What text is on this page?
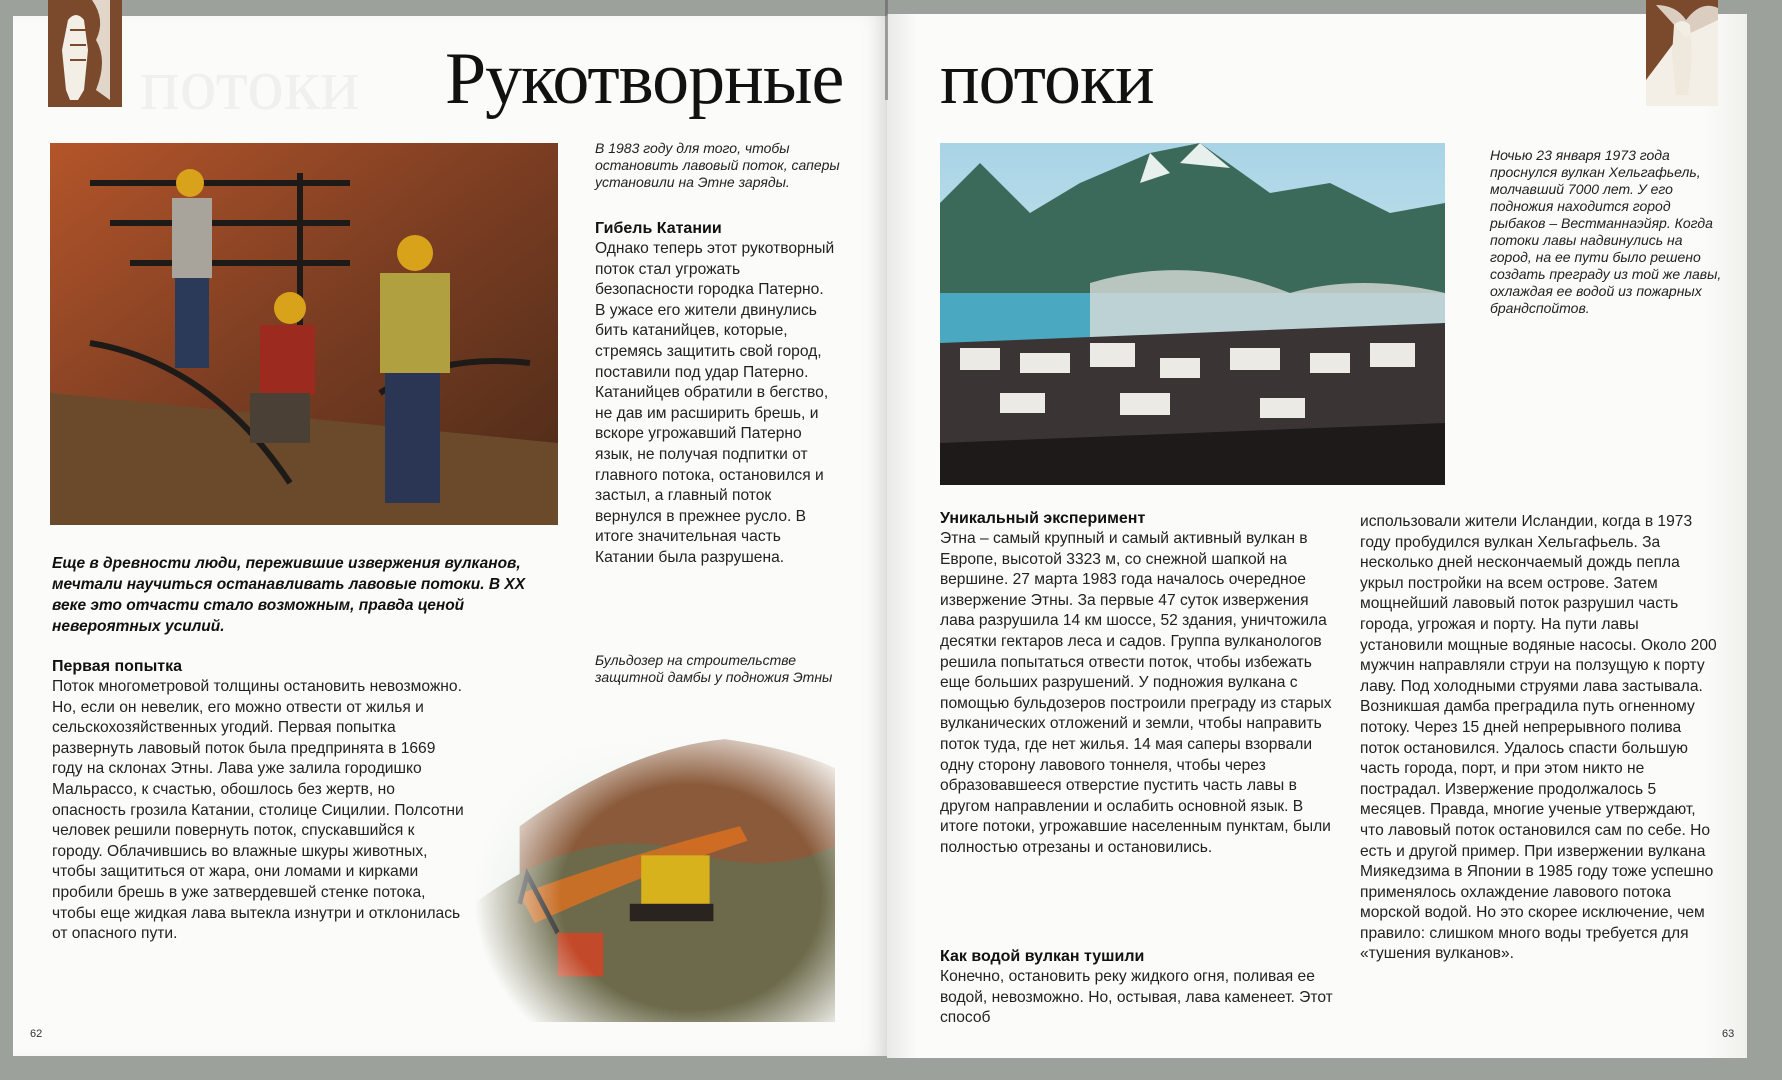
потоки Рукотворные потоки
В 1983 году для того, чтобы остановить лавовый поток, саперы установили на Этне заряды.
Гибель Катании

Однако теперь этот рукотворный поток стал угрожать безопасности городка Патерно. В ужасе его жители двинулись бить катанийцев, которые, стремясь защитить свой город, поставили под удар Патерно. Катанийцев обратили в бегство, не дав им расширить брешь, и вскоре угрожавший Патерно язык, не получая подпитки от главного потока, остановился и застыл, а главный поток вернулся в прежнее русло. В итоге значительная часть Катании была разрушена.

Еще в древности люди, пережившие извержения вулканов, мечтали научиться останавливать лавовые потоки. В XX веке это отчасти стало возможным, правда ценой невероятных усилий.
Первая попытка

Поток многометровой толщины остановить невозможно. Но, если он невелик, его можно отвести от жилья и сельскохозяйственных угодий. Первая попытка развернуть лавовый поток была предпринята в 1669 году на склонах Этны. Лава уже залила городишко Мальрассо, к счастью, обошлось без жертв, но опасность грозила Катании, столице Сицилии. Полсотни человек решили повернуть поток, спускавшийся к городу. Облачившись во влажные шкуры животных, чтобы защититься от жара, они ломами и кирками пробили брешь в уже затвердевшей стенке потока, чтобы еще жидкая лава вытекла изнутри и отклонилась от опасного пути.

Бульдозер на строительстве защитной дамбы у подножия Этны
Ночью 23 января 1973 года проснулся вулкан Хельгафьель, молчавший 7000 лет. У его подножия находится город рыбаков – Вестманнаэйяр. Когда потоки лавы надвинулись на город, на ее пути было решено создать преграду из той же лавы, охлаждая ее водой из пожарных брандспойтов.
Уникальный эксперимент

Этна – самый крупный и самый активный вулкан в Европе, высотой 3323 м, со снежной шапкой на вершине. 27 марта 1983 года началось очередное извержение Этны. За первые 47 суток извержения лава разрушила 14 км шоссе, 52 здания, уничтожила десятки гектаров леса и садов. Группа вулканологов решила попытаться отвести поток, чтобы избежать еще больших разрушений. У подножия вулкана с помощью бульдозеров построили преграду из старых вулканических отложений и земли, чтобы направить поток туда, где нет жилья. 14 мая саперы взорвали одну сторону лавового тоннеля, чтобы через образовавшееся отверстие пустить часть лавы в другом направлении и ослабить основной язык. В итоге потоки, угрожавшие населенным пунктам, были полностью отрезаны и остановились.

Как водой вулкан тушили

Конечно, остановить реку жидкого огня, поливая ее водой, невозможно. Но, остывая, лава каменеет. Этот способ

использовали жители Исландии, когда в 1973 году пробудился вулкан Хельгафьель. За несколько дней нескончаемый дождь пепла укрыл постройки на всем острове. Затем мощнейший лавовый поток разрушил часть города, угрожая и порту. На пути лавы установили мощные водяные насосы. Около 200 мужчин направляли струи на ползущую к порту лаву. Под холодными струями лава застывала. Возникшая дамба преградила путь огненному потоку. Через 15 дней непрерывного полива поток остановился. Удалось спасти большую часть города, порт, и при этом никто не пострадал. Извержение продолжалось 5 месяцев. Правда, многие ученые утверждают, что лавовый поток остановился сам по себе. Но есть и другой пример. При извержении вулкана Миякедзима в Японии в 1985 году тоже успешно применялось охлаждение лавового потока морской водой. Но это скорее исключение, чем правило: слишком много воды требуется для «тушения вулканов».

62	63
